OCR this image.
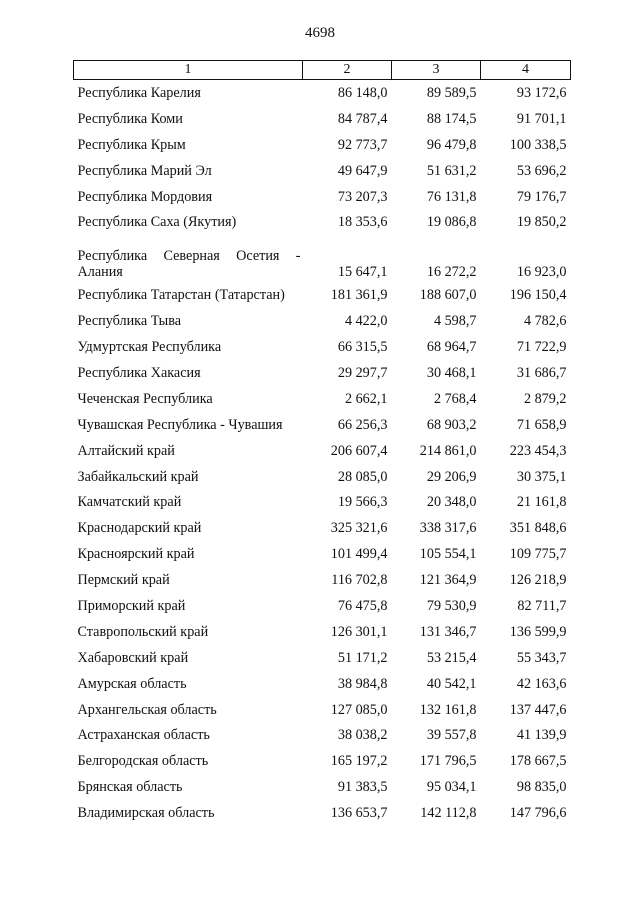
4698
1	2	3	4
Республика Карелия	86 148,0	89 589,5	93 172,6
Республика Коми	84 787,4	88 174,5	91 701,1
Республика Крым	92 773,7	96 479,8	100 338,5
Республика Марий Эл	49 647,9	51 631,2	53 696,2
Республика Мордовия	73 207,3	76 131,8	79 176,7
Республика Саха (Якутия)	18 353,6	19 086,8	19 850,2

Республика Северная Осетия -
Алания	15 647,1	16 272,2	16 923,0
Республика Татарстан (Татарстан)	181 361,9	188 607,0	196 150,4
Республика Тыва	4 422,0	4 598,7	4 782,6
Удмуртская Республика	66 315,5	68 964,7	71 722,9
Республика Хакасия	29 297,7	30 468,1	31 686,7
Чеченская Республика	2 662,1	2 768,4	2 879,2
Чувашская Республика - Чувашия	66 256,3	68 903,2	71 658,9
Алтайский край	206 607,4	214 861,0	223 454,3
Забайкальский край	28 085,0	29 206,9	30 375,1
Камчатский край	19 566,3	20 348,0	21 161,8
Краснодарский край	325 321,6	338 317,6	351 848,6
Красноярский край	101 499,4	105 554,1	109 775,7
Пермский край	116 702,8	121 364,9	126 218,9
Приморский край	76 475,8	79 530,9	82 711,7
Ставропольский край	126 301,1	131 346,7	136 599,9
Хабаровский край	51 171,2	53 215,4	55 343,7
Амурская область	38 984,8	40 542,1	42 163,6
Архангельская область	127 085,0	132 161,8	137 447,6
Астраханская область	38 038,2	39 557,8	41 139,9
Белгородская область	165 197,2	171 796,5	178 667,5
Брянская область	91 383,5	95 034,1	98 835,0
Владимирская область	136 653,7	142 112,8	147 796,6
